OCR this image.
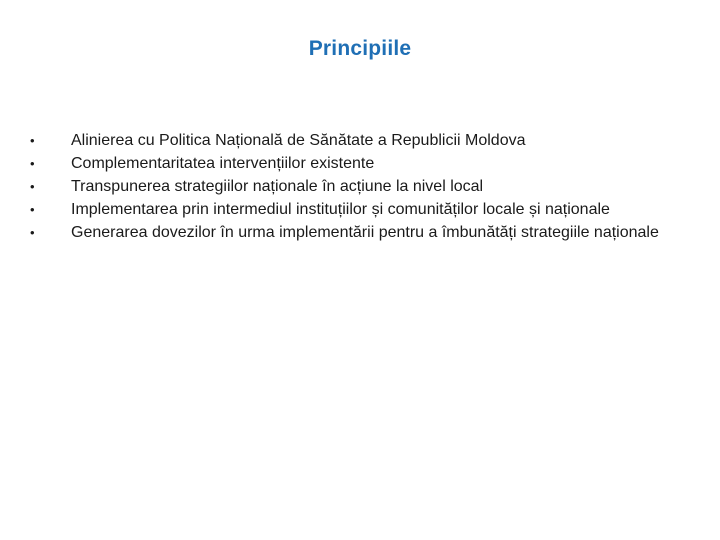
Principiile
•	Alinierea cu Politica Națională de Sănătate a Republicii Moldova
•	Complementaritatea intervențiilor existente
•	Transpunerea strategiilor naționale în acțiune la nivel local
•	Implementarea prin intermediul instituțiilor și comunităților locale și naționale
•	Generarea dovezilor în urma implementării pentru a îmbunătăți strategiile naționale
